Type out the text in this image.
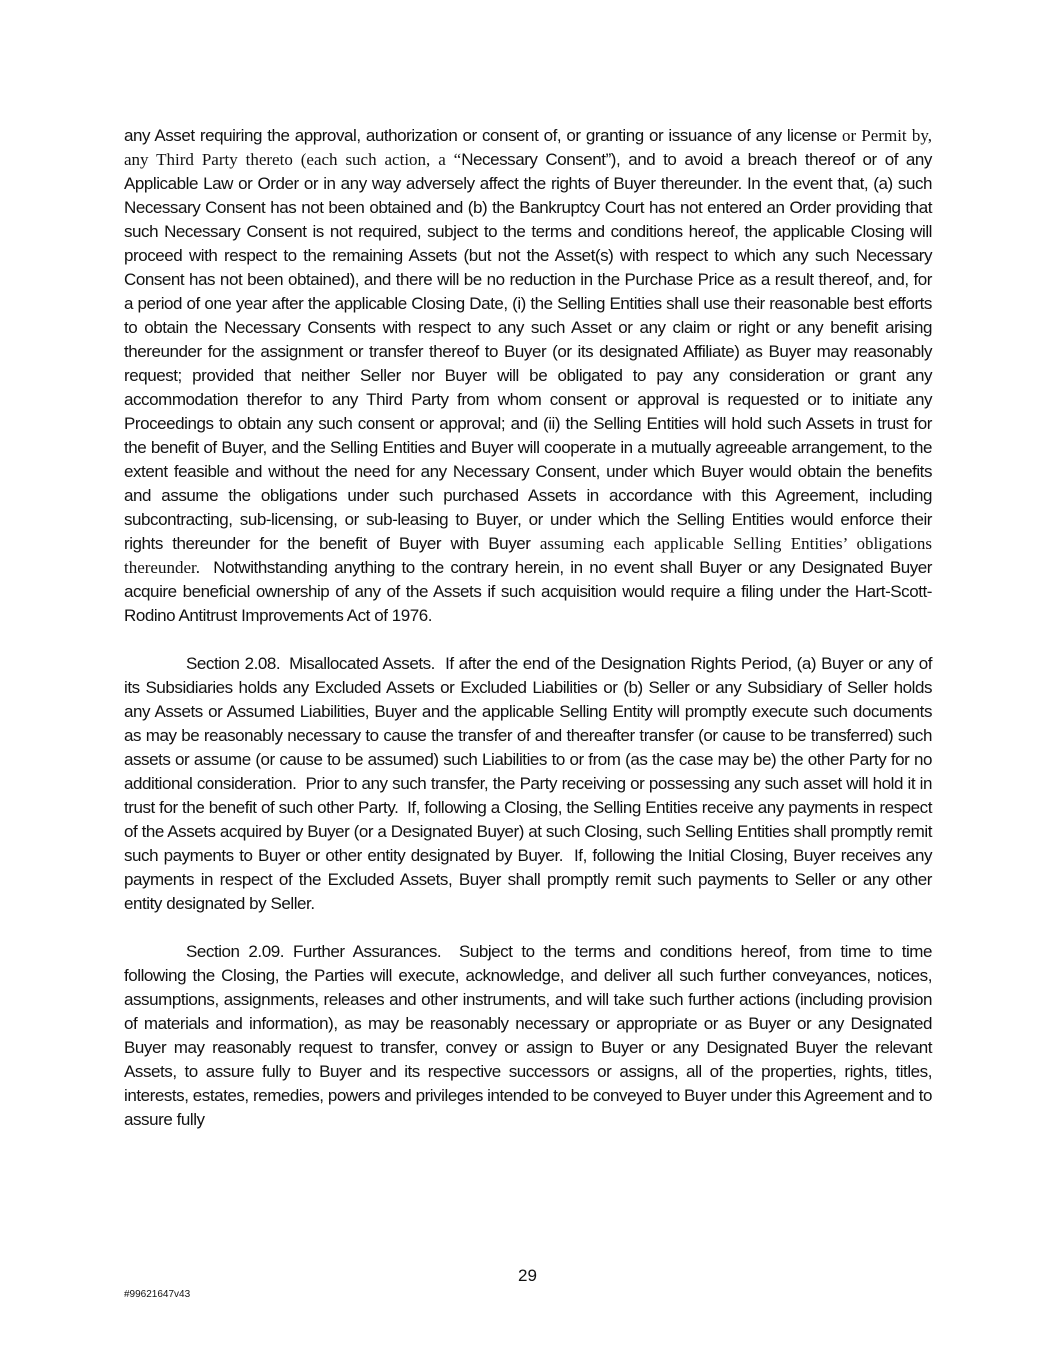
any Asset requiring the approval, authorization or consent of, or granting or issuance of any license or Permit by, any Third Party thereto (each such action, a “Necessary Consent”), and to avoid a breach thereof or of any Applicable Law or Order or in any way adversely affect the rights of Buyer thereunder. In the event that, (a) such Necessary Consent has not been obtained and (b) the Bankruptcy Court has not entered an Order providing that such Necessary Consent is not required, subject to the terms and conditions hereof, the applicable Closing will proceed with respect to the remaining Assets (but not the Asset(s) with respect to which any such Necessary Consent has not been obtained), and there will be no reduction in the Purchase Price as a result thereof, and, for a period of one year after the applicable Closing Date, (i) the Selling Entities shall use their reasonable best efforts to obtain the Necessary Consents with respect to any such Asset or any claim or right or any benefit arising thereunder for the assignment or transfer thereof to Buyer (or its designated Affiliate) as Buyer may reasonably request; provided that neither Seller nor Buyer will be obligated to pay any consideration or grant any accommodation therefor to any Third Party from whom consent or approval is requested or to initiate any Proceedings to obtain any such consent or approval; and (ii) the Selling Entities will hold such Assets in trust for the benefit of Buyer, and the Selling Entities and Buyer will cooperate in a mutually agreeable arrangement, to the extent feasible and without the need for any Necessary Consent, under which Buyer would obtain the benefits and assume the obligations under such purchased Assets in accordance with this Agreement, including subcontracting, sub-licensing, or sub-leasing to Buyer, or under which the Selling Entities would enforce their rights thereunder for the benefit of Buyer with Buyer assuming each applicable Selling Entities’ obligations thereunder.  Notwithstanding anything to the contrary herein, in no event shall Buyer or any Designated Buyer acquire beneficial ownership of any of the Assets if such acquisition would require a filing under the Hart-Scott-Rodino Antitrust Improvements Act of 1976.

Section 2.08. Misallocated Assets.  If after the end of the Designation Rights Period, (a) Buyer or any of its Subsidiaries holds any Excluded Assets or Excluded Liabilities or (b) Seller or any Subsidiary of Seller holds any Assets or Assumed Liabilities, Buyer and the applicable Selling Entity will promptly execute such documents as may be reasonably necessary to cause the transfer of and thereafter transfer (or cause to be transferred) such assets or assume (or cause to be assumed) such Liabilities to or from (as the case may be) the other Party for no additional consideration.  Prior to any such transfer, the Party receiving or possessing any such asset will hold it in trust for the benefit of such other Party.  If, following a Closing, the Selling Entities receive any payments in respect of the Assets acquired by Buyer (or a Designated Buyer) at such Closing, such Selling Entities shall promptly remit such payments to Buyer or other entity designated by Buyer.  If, following the Initial Closing, Buyer receives any payments in respect of the Excluded Assets, Buyer shall promptly remit such payments to Seller or any other entity designated by Seller.

Section 2.09. Further Assurances.  Subject to the terms and conditions hereof, from time to time following the Closing, the Parties will execute, acknowledge, and deliver all such further conveyances, notices, assumptions, assignments, releases and other instruments, and will take such further actions (including provision of materials and information), as may be reasonably necessary or appropriate or as Buyer or any Designated Buyer may reasonably request to transfer, convey or assign to Buyer or any Designated Buyer the relevant Assets, to assure fully to Buyer and its respective successors or assigns, all of the properties, rights, titles, interests, estates, remedies, powers and privileges intended to be conveyed to Buyer under this Agreement and to assure fully

29
#99621647v43
